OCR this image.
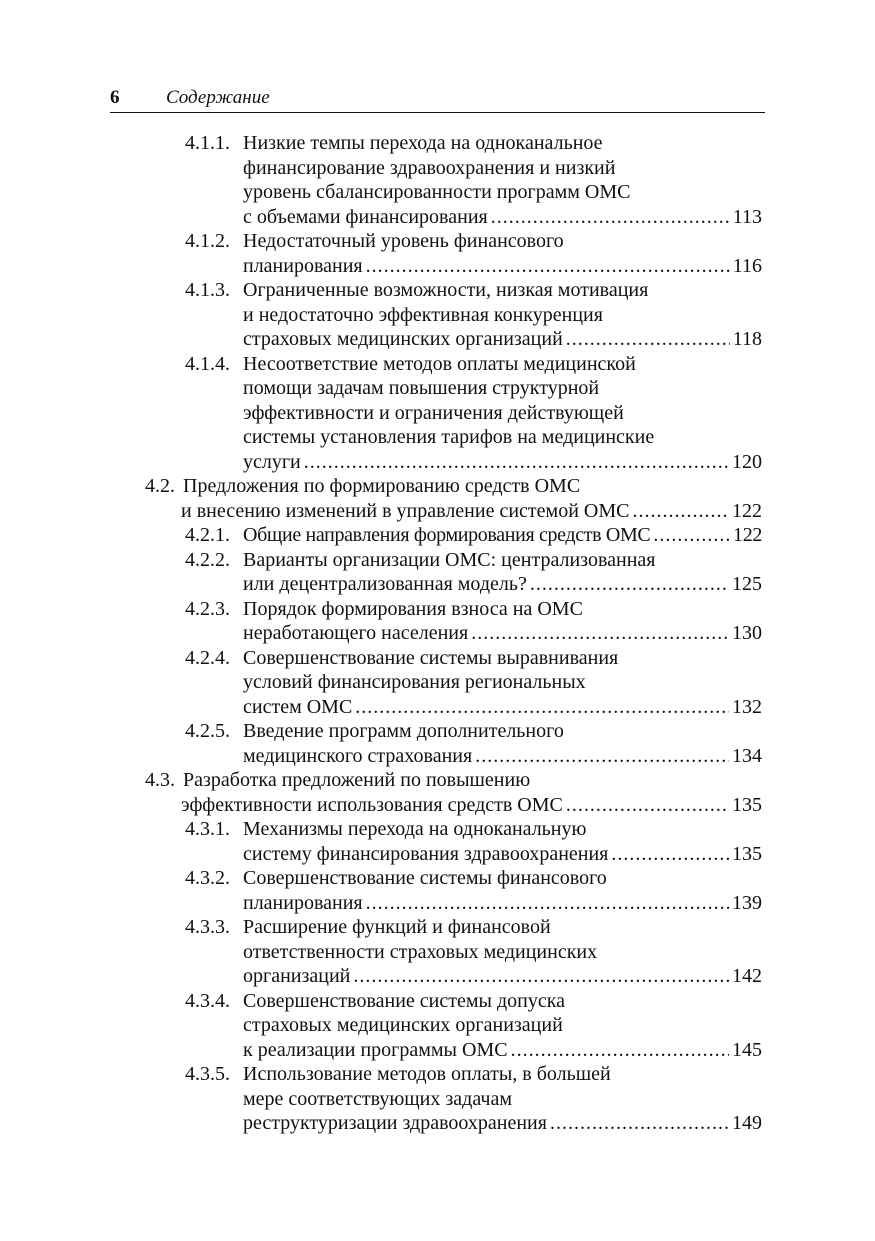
6 Содержание
4.1.1. Низкие темпы перехода на одноканальное
финансирование здравоохранения и низкий
уровень сбалансированности программ ОМС
с объемами финансирования .....	113
4.1.2. Недостаточный уровень финансового
планирования .....	116
4.1.3. Ограниченные возможности, низкая мотивация
и недостаточно эффективная конкуренция
страховых медицинских организаций .....	118
4.1.4. Несоответствие методов оплаты медицинской
помощи задачам повышения структурной
эффективности и ограничения действующей
системы установления тарифов на медицинские
услуги .....	120
4.2. Предложения по формированию средств ОМС
и внесению изменений в управление системой ОМС .....	122
4.2.1. Общие направления формирования средств ОМС .....	122
4.2.2. Варианты организации ОМС: централизованная
или децентрализованная модель? .....	125
4.2.3. Порядок формирования взноса на ОМС
неработающего населения .....	130
4.2.4. Совершенствование системы выравнивания
условий финансирования региональных
систем ОМС .....	132
4.2.5. Введение программ дополнительного
медицинского страхования .....	134
4.3. Разработка предложений по повышению
эффективности использования средств ОМС .....	135
4.3.1. Механизмы перехода на одноканальную
систему финансирования здравоохранения .....	135
4.3.2. Совершенствование системы финансового
планирования .....	139
4.3.3. Расширение функций и финансовой
ответственности страховых медицинских
организаций .....	142
4.3.4. Совершенствование системы допуска
страховых медицинских организаций
к реализации программы ОМС .....	145
4.3.5. Использование методов оплаты, в большей
мере соответствующих задачам
реструктуризации здравоохранения .....	149
